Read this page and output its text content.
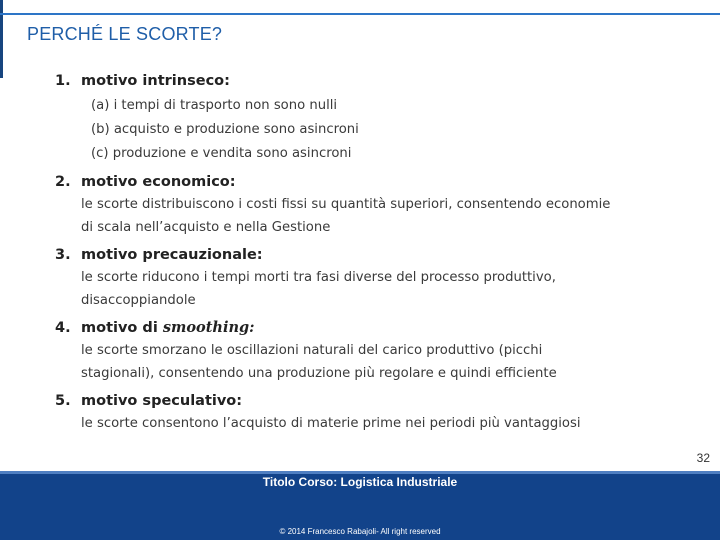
PERCHÉ LE SCORTE?
1. motivo intrinseco:
(a) i tempi di trasporto non sono nulli
(b) acquisto e produzione sono asincroni
(c) produzione e vendita sono asincroni
2. motivo economico:
le scorte distribuiscono i costi fissi su quantità superiori, consentendo economie
di scala nell’acquisto e nella Gestione
3. motivo precauzionale:
le scorte riducono i tempi morti tra fasi diverse del processo produttivo,
disaccoppiandole
4. motivo di smoothing:
le scorte smorzano le oscillazioni naturali del carico produttivo (picchi
stagionali), consentendo una produzione più regolare e quindi efficiente
5. motivo speculativo:
le scorte consentono l’acquisto di materie prime nei periodi più vantaggiosi
32
Titolo Corso: Logistica Industriale
© 2014 Francesco Rabajoli- All right reserved
